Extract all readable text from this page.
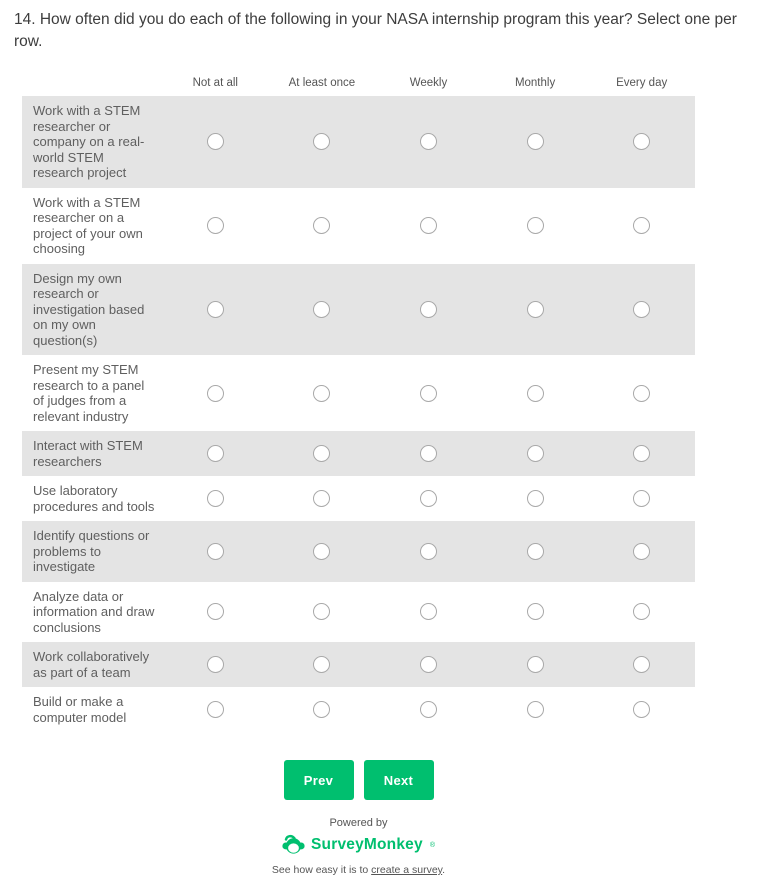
14. How often did you do each of the following in your NASA internship program this year? Select one per row.
Not at all	At least once	Weekly	Monthly	Every day
Work with a STEM researcher or company on a real-world STEM research project
Work with a STEM researcher on a project of your own choosing
Design my own research or investigation based on my own question(s)
Present my STEM research to a panel of judges from a relevant industry
Interact with STEM researchers
Use laboratory procedures and tools
Identify questions or problems to investigate
Analyze data or information and draw conclusions
Work collaboratively as part of a team
Build or make a computer model
Prev	Next
Powered by
SurveyMonkey ®
See how easy it is to create a survey.
